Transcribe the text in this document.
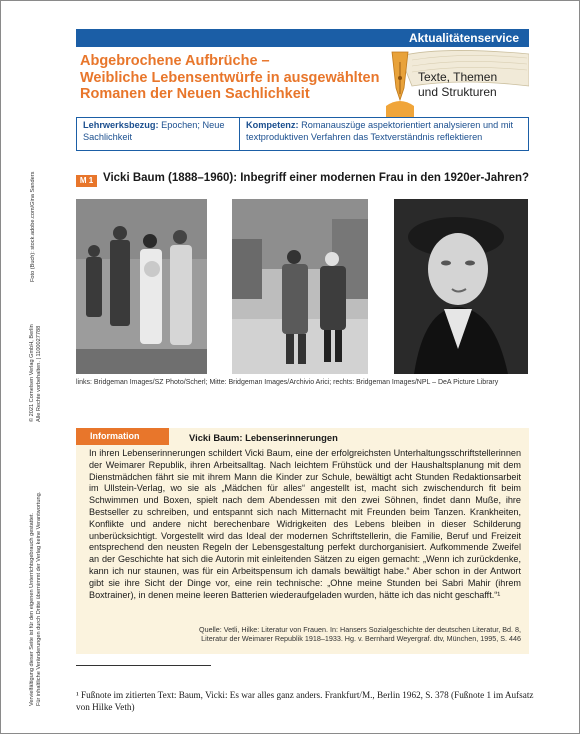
Foto (Buch): stock.adobe.com/Gina Sanders
© 2021 Cornelsen Verlag GmbH, Berlin Alle Rechte vorbehalten. | 1100027788
Vervielfältigung dieser Seite ist für den eigenen Unterrichtsgebrauch gestattet. Für inhaltliche Veränderungen durch Dritte übernimmt der Verlag keine Verantwortung.
Aktualitätenservice
Abgebrochene Aufbrüche –
Weibliche Lebensentwürfe in ausgewählten
Romanen der Neuen Sachlichkeit
Texte, Themen
und Strukturen
Lehrwerksbezug: Epochen; Neue Sachlichkeit
Kompetenz: Romanauszüge aspektorientiert analysieren und mit textproduktiven Verfahren das Textverständnis reflektieren
M 1 Vicki Baum (1888–1960): Inbegriff einer modernen Frau in den 1920er-Jahren?
links: Bridgeman Images/SZ Photo/Scherl; Mitte: Bridgeman Images/Archivio Arici; rechts: Bridgeman Images/NPL – DeA Picture Library
Information	Vicki Baum: Lebenserinnerungen
In ihren Lebenserinnerungen schildert Vicki Baum, eine der erfolgreichsten Unterhaltungsschriftstellerinnen der Weimarer Republik, ihren Arbeitsalltag. Nach leichtem Frühstück und der Haushaltsplanung mit dem Dienstmädchen fährt sie mit ihrem Mann die Kinder zur Schule, bewältigt acht Stunden Redaktionsarbeit im Ullstein-Verlag, wo sie als „Mädchen für alles“ angestellt ist, macht sich zwischendurch fit beim Schwimmen und Boxen, spielt nach dem Abendessen mit den zwei Söhnen, findet dann Muße, ihre Bestseller zu schreiben, und entspannt sich nach Mitternacht mit Freunden beim Tanzen. Krankheiten, Konflikte und andere nicht berechenbare Widrigkeiten des Lebens bleiben in dieser Schilderung unberücksichtigt. Vorgestellt wird das Ideal der modernen Schriftstellerin, die Familie, Beruf und Freizeit entsprechend den neusten Regeln der Lebensgestaltung perfekt durchorganisiert. Aufkommende Zweifel an der Geschichte hat sich die Autorin mit einleitenden Sätzen zu eigen gemacht: „Wenn ich zurückdenke, kann ich nur staunen, was für ein Arbeitspensum ich damals bewältigt habe.“ Aber schon in der Antwort gibt sie ihre Sicht der Dinge vor, eine rein technische: „Ohne meine Stunden bei Sabri Mahir (ihrem Boxtrainer), in denen meine leeren Batterien wiederaufgeladen wurden, hätte ich das nicht geschafft.“¹
Quelle: Vetli, Hilke: Literatur von Frauen. In: Hansers Sozialgeschichte der deutschen Literatur, Bd. 8,
Literatur der Weimarer Republik 1918–1933. Hg. v. Bernhard Weyergraf. dtv, München, 1995, S. 446
¹ Fußnote im zitierten Text: Baum, Vicki: Es war alles ganz anders. Frankfurt/M., Berlin 1962, S. 378 (Fußnote 1 im Aufsatz von Hilke Veth)
